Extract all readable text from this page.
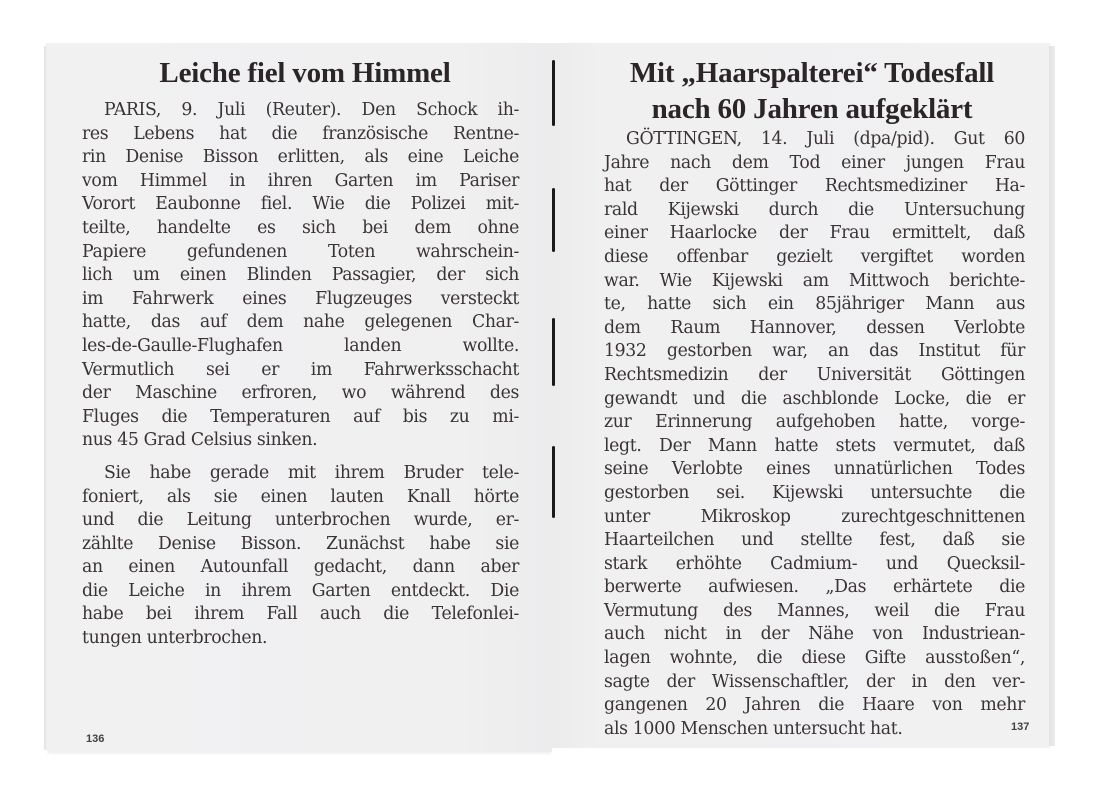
Leiche fiel vom Himmel
PARIS, 9. Juli (Reuter). Den Schock ih-
res Lebens hat die französische Rentne-
rin Denise Bisson erlitten, als eine Leiche
vom Himmel in ihren Garten im Pariser
Vorort Eaubonne fiel. Wie die Polizei mit-
teilte, handelte es sich bei dem ohne
Papiere gefundenen Toten wahrschein-
lich um einen Blinden Passagier, der sich
im Fahrwerk eines Flugzeuges versteckt
hatte, das auf dem nahe gelegenen Char-
les-de-Gaulle-Flughafen landen wollte.
Vermutlich sei er im Fahrwerksschacht
der Maschine erfroren, wo während des
Fluges die Temperaturen auf bis zu mi-
nus 45 Grad Celsius sinken.
Sie habe gerade mit ihrem Bruder tele-
foniert, als sie einen lauten Knall hörte
und die Leitung unterbrochen wurde, er-
zählte Denise Bisson. Zunächst habe sie
an einen Autounfall gedacht, dann aber
die Leiche in ihrem Garten entdeckt. Die
habe bei ihrem Fall auch die Telefonlei-
tungen unterbrochen.
136
Mit „Haarspalterei“ Todesfall
nach 60 Jahren aufgeklärt
GÖTTINGEN, 14. Juli (dpa/pid). Gut 60
Jahre nach dem Tod einer jungen Frau
hat der Göttinger Rechtsmediziner Ha-
rald Kijewski durch die Untersuchung
einer Haarlocke der Frau ermittelt, daß
diese offenbar gezielt vergiftet worden
war. Wie Kijewski am Mittwoch berichte-
te, hatte sich ein 85jähriger Mann aus
dem Raum Hannover, dessen Verlobte
1932 gestorben war, an das Institut für
Rechtsmedizin der Universität Göttingen
gewandt und die aschblonde Locke, die er
zur Erinnerung aufgehoben hatte, vorge-
legt. Der Mann hatte stets vermutet, daß
seine Verlobte eines unnatürlichen Todes
gestorben sei. Kijewski untersuchte die
unter Mikroskop zurechtgeschnittenen
Haarteilchen und stellte fest, daß sie
stark erhöhte Cadmium- und Quecksil-
berwerte aufwiesen. „Das erhärtete die
Vermutung des Mannes, weil die Frau
auch nicht in der Nähe von Industriean-
lagen wohnte, die diese Gifte ausstoßen“,
sagte der Wissenschaftler, der in den ver-
gangenen 20 Jahren die Haare von mehr
als 1000 Menschen untersucht hat.	137
